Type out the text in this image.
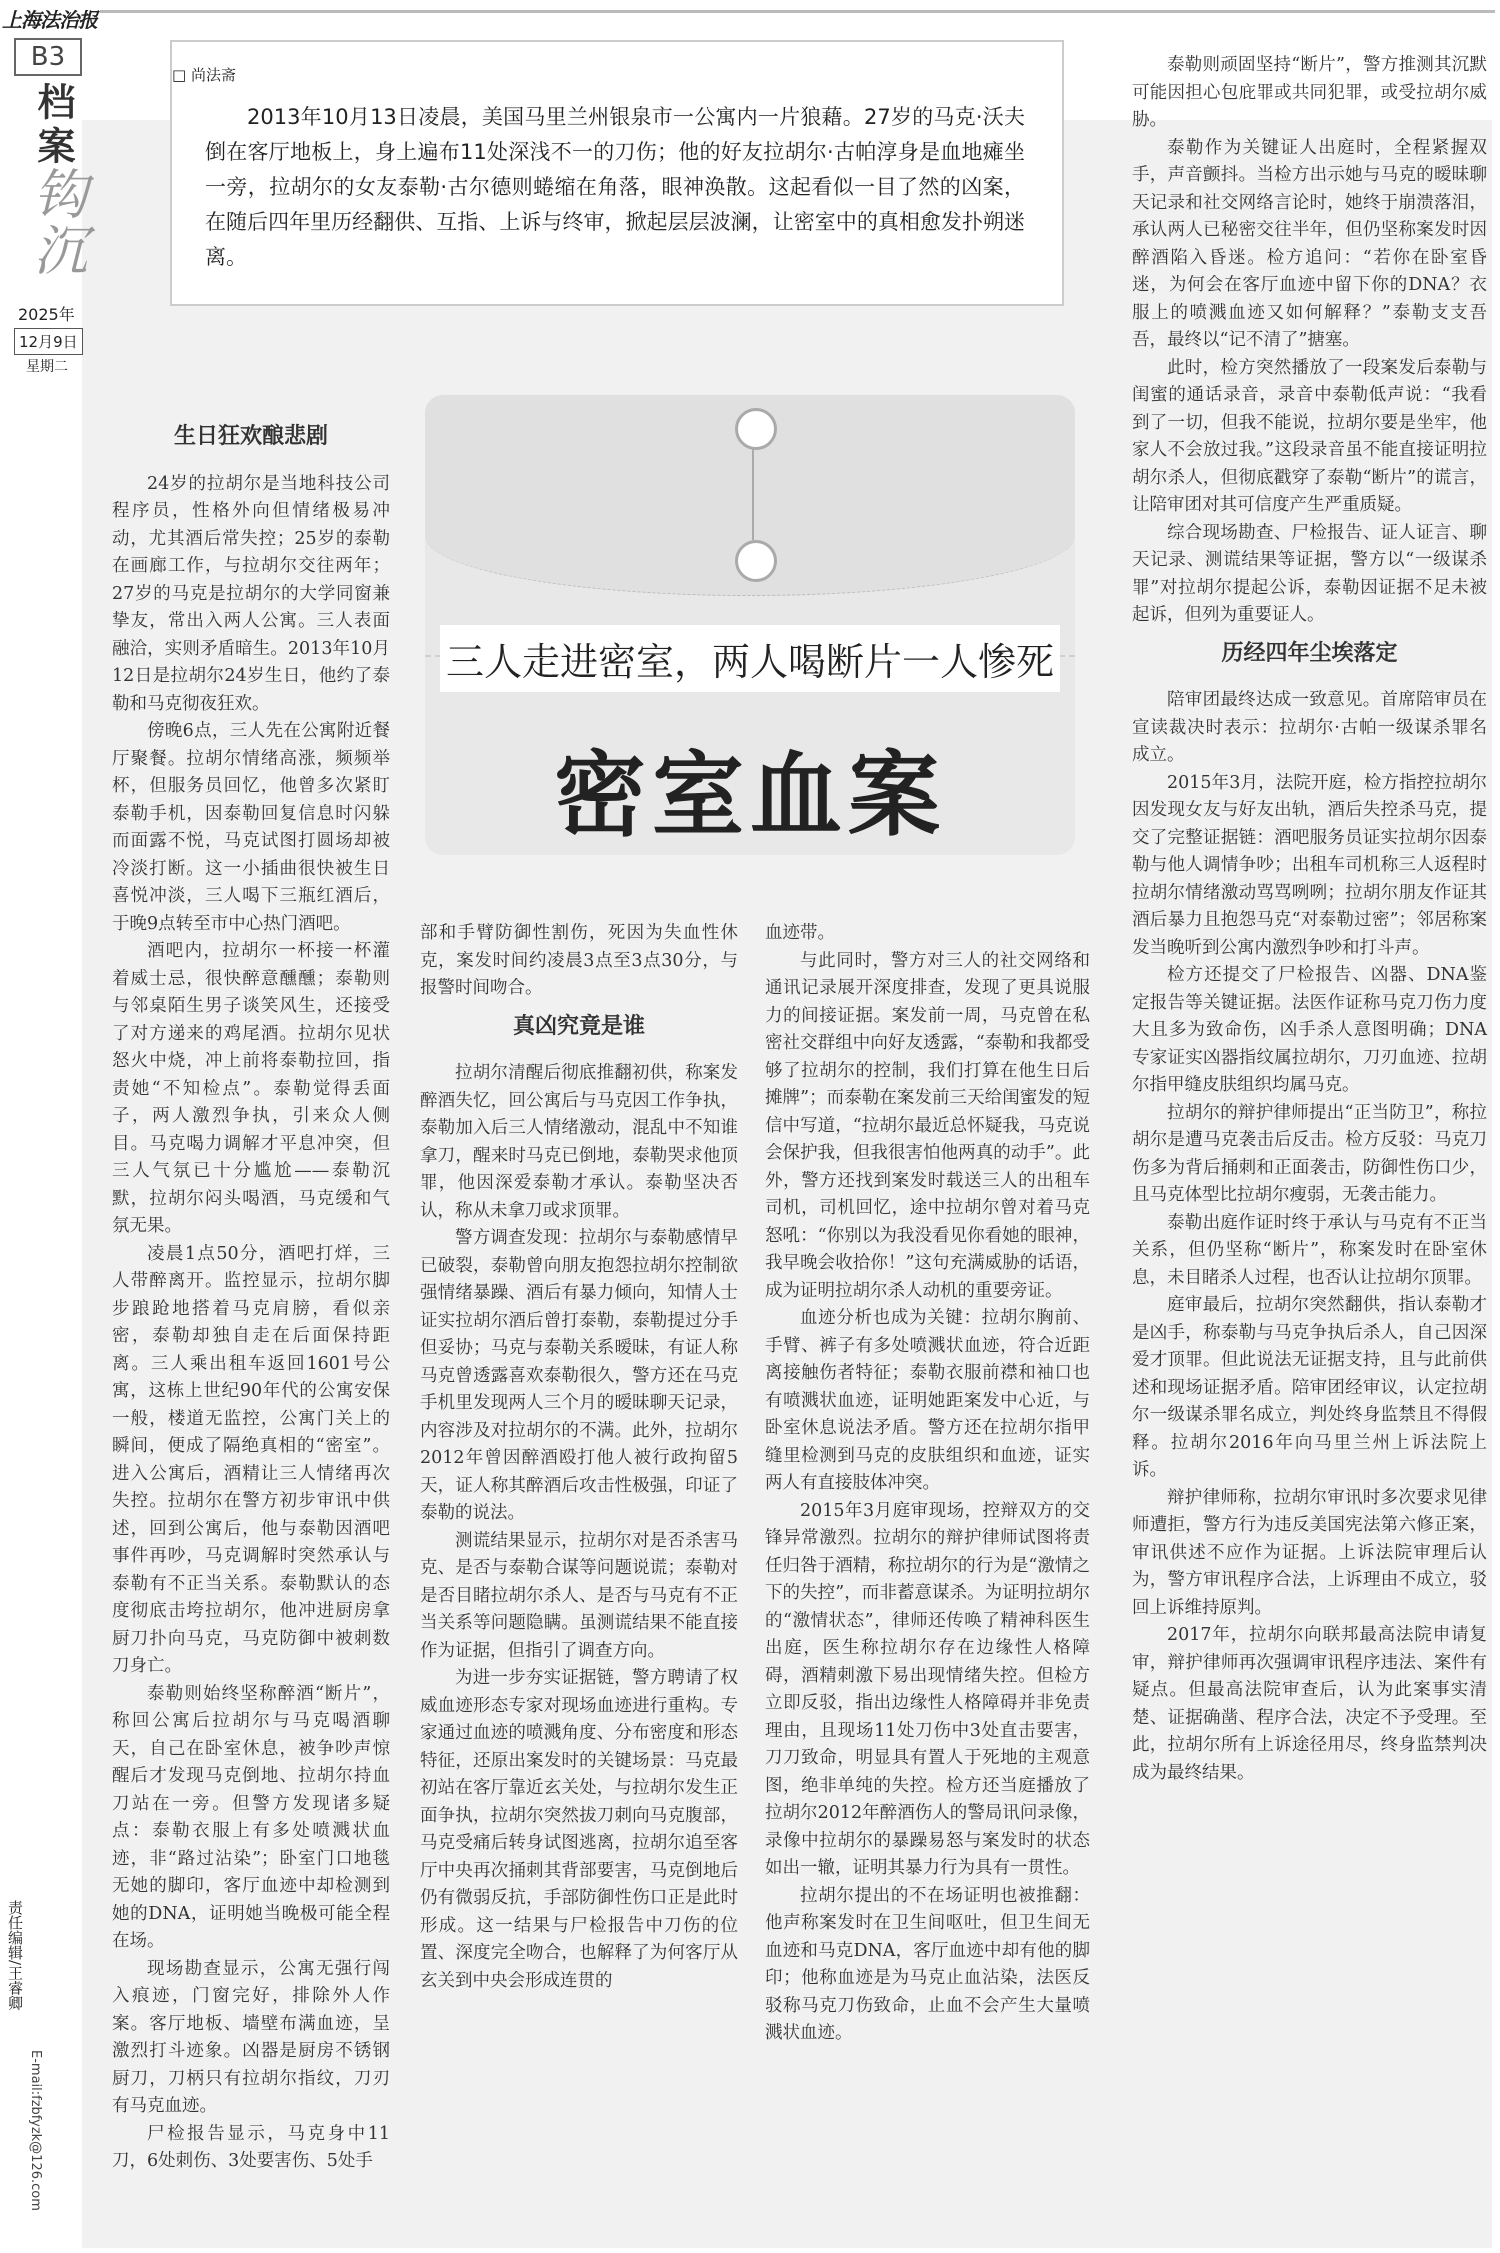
上海法治报
B3
档案
钩沉
2025年
12月9日
星期二
责任编辑/王睿卿
E-mail:fzbfyzk@126.com
□ 尚法斋
2013年10月13日凌晨，美国马里兰州银泉市一公寓内一片狼藉。27岁的马克·沃夫倒在客厅地板上，身上遍布11处深浅不一的刀伤；他的好友拉胡尔·古帕淳身是血地瘫坐一旁，拉胡尔的女友泰勒·古尔德则蜷缩在角落，眼神涣散。这起看似一目了然的凶案，在随后四年里历经翻供、互指、上诉与终审，掀起层层波澜，让密室中的真相愈发扑朔迷离。
三人走进密室，两人喝断片一人惨死
密室血案
生日狂欢酿悲剧

24岁的拉胡尔是当地科技公司程序员，性格外向但情绪极易冲动，尤其酒后常失控；25岁的泰勒在画廊工作，与拉胡尔交往两年；27岁的马克是拉胡尔的大学同窗兼挚友，常出入两人公寓。三人表面融洽，实则矛盾暗生。2013年10月12日是拉胡尔24岁生日，他约了泰勒和马克彻夜狂欢。

傍晚6点，三人先在公寓附近餐厅聚餐。拉胡尔情绪高涨，频频举杯，但服务员回忆，他曾多次紧盯泰勒手机，因泰勒回复信息时闪躲而面露不悦，马克试图打圆场却被冷淡打断。这一小插曲很快被生日喜悦冲淡，三人喝下三瓶红酒后，于晚9点转至市中心热门酒吧。

酒吧内，拉胡尔一杯接一杯灌着威士忌，很快醉意醺醺；泰勒则与邻桌陌生男子谈笑风生，还接受了对方递来的鸡尾酒。拉胡尔见状怒火中烧，冲上前将泰勒拉回，指责她“不知检点”。泰勒觉得丢面子，两人激烈争执，引来众人侧目。马克喝力调解才平息冲突，但三人气氛已十分尴尬——泰勒沉默，拉胡尔闷头喝酒，马克缓和气氛无果。

凌晨1点50分，酒吧打烊，三人带醉离开。监控显示，拉胡尔脚步踉跄地搭着马克肩膀，看似亲密，泰勒却独自走在后面保持距离。三人乘出租车返回1601号公寓，这栋上世纪90年代的公寓安保一般，楼道无监控，公寓门关上的瞬间，便成了隔绝真相的“密室”。进入公寓后，酒精让三人情绪再次失控。拉胡尔在警方初步审讯中供述，回到公寓后，他与泰勒因酒吧事件再吵，马克调解时突然承认与泰勒有不正当关系。泰勒默认的态度彻底击垮拉胡尔，他冲进厨房拿厨刀扑向马克，马克防御中被刺数刀身亡。

泰勒则始终坚称醉酒“断片”，称回公寓后拉胡尔与马克喝酒聊天，自己在卧室休息，被争吵声惊醒后才发现马克倒地、拉胡尔持血刀站在一旁。但警方发现诸多疑点：泰勒衣服上有多处喷溅状血迹，非“路过沾染”；卧室门口地毯无她的脚印，客厅血迹中却检测到她的DNA，证明她当晚极可能全程在场。

现场勘查显示，公寓无强行闯入痕迹，门窗完好，排除外人作案。客厅地板、墙壁布满血迹，呈激烈打斗迹象。凶器是厨房不锈钢厨刀，刀柄只有拉胡尔指纹，刀刃有马克血迹。

尸检报告显示，马克身中11刀，6处刺伤、3处要害伤、5处手

部和手臂防御性割伤，死因为失血性休克，案发时间约凌晨3点至3点30分，与报警时间吻合。

真凶究竟是谁

拉胡尔清醒后彻底推翻初供，称案发醉酒失忆，回公寓后与马克因工作争执，泰勒加入后三人情绪激动，混乱中不知谁拿刀，醒来时马克已倒地，泰勒哭求他顶罪，他因深爱泰勒才承认。泰勒坚决否认，称从未拿刀或求顶罪。

警方调查发现：拉胡尔与泰勒感情早已破裂，泰勒曾向朋友抱怨拉胡尔控制欲强情绪暴躁、酒后有暴力倾向，知情人士证实拉胡尔酒后曾打泰勒，泰勒提过分手但妥协；马克与泰勒关系暧昧，有证人称马克曾透露喜欢泰勒很久，警方还在马克手机里发现两人三个月的暧昧聊天记录，内容涉及对拉胡尔的不满。此外，拉胡尔2012年曾因醉酒殴打他人被行政拘留5天，证人称其醉酒后攻击性极强，印证了泰勒的说法。

测谎结果显示，拉胡尔对是否杀害马克、是否与泰勒合谋等问题说谎；泰勒对是否目睹拉胡尔杀人、是否与马克有不正当关系等问题隐瞒。虽测谎结果不能直接作为证据，但指引了调查方向。

为进一步夯实证据链，警方聘请了权威血迹形态专家对现场血迹进行重构。专家通过血迹的喷溅角度、分布密度和形态特征，还原出案发时的关键场景：马克最初站在客厅靠近玄关处，与拉胡尔发生正面争执，拉胡尔突然拔刀刺向马克腹部，马克受痛后转身试图逃离，拉胡尔追至客厅中央再次捅刺其背部要害，马克倒地后仍有微弱反抗，手部防御性伤口正是此时形成。这一结果与尸检报告中刀伤的位置、深度完全吻合，也解释了为何客厅从玄关到中央会形成连贯的

血迹带。

与此同时，警方对三人的社交网络和通讯记录展开深度排查，发现了更具说服力的间接证据。案发前一周，马克曾在私密社交群组中向好友透露，“泰勒和我都受够了拉胡尔的控制，我们打算在他生日后摊牌”；而泰勒在案发前三天给闺蜜发的短信中写道，“拉胡尔最近总怀疑我，马克说会保护我，但我很害怕他两真的动手”。此外，警方还找到案发时载送三人的出租车司机，司机回忆，途中拉胡尔曾对着马克怒吼：“你别以为我没看见你看她的眼神，我早晚会收拾你！”这句充满威胁的话语，成为证明拉胡尔杀人动机的重要旁证。

血迹分析也成为关键：拉胡尔胸前、手臂、裤子有多处喷溅状血迹，符合近距离接触伤者特征；泰勒衣服前襟和袖口也有喷溅状血迹，证明她距案发中心近，与卧室休息说法矛盾。警方还在拉胡尔指甲缝里检测到马克的皮肤组织和血迹，证实两人有直接肢体冲突。

2015年3月庭审现场，控辩双方的交锋异常激烈。拉胡尔的辩护律师试图将责任归咎于酒精，称拉胡尔的行为是“激情之下的失控”，而非蓄意谋杀。为证明拉胡尔的“激情状态”，律师还传唤了精神科医生出庭，医生称拉胡尔存在边缘性人格障碍，酒精刺激下易出现情绪失控。但检方立即反驳，指出边缘性人格障碍并非免责理由，且现场11处刀伤中3处直击要害，刀刀致命，明显具有置人于死地的主观意图，绝非单纯的失控。检方还当庭播放了拉胡尔2012年醉酒伤人的警局讯问录像，录像中拉胡尔的暴躁易怒与案发时的状态如出一辙，证明其暴力行为具有一贯性。

拉胡尔提出的不在场证明也被推翻：他声称案发时在卫生间呕吐，但卫生间无血迹和马克DNA，客厅血迹中却有他的脚印；他称血迹是为马克止血沾染，法医反驳称马克刀伤致命，止血不会产生大量喷溅状血迹。

泰勒则顽固坚持“断片”，警方推测其沉默可能因担心包庇罪或共同犯罪，或受拉胡尔威胁。

泰勒作为关键证人出庭时，全程紧握双手，声音颤抖。当检方出示她与马克的暧昧聊天记录和社交网络言论时，她终于崩溃落泪，承认两人已秘密交往半年，但仍坚称案发时因醉酒陷入昏迷。检方追问：“若你在卧室昏迷，为何会在客厅血迹中留下你的DNA？衣服上的喷溅血迹又如何解释？”泰勒支支吾吾，最终以“记不清了”搪塞。

此时，检方突然播放了一段案发后泰勒与闺蜜的通话录音，录音中泰勒低声说：“我看到了一切，但我不能说，拉胡尔要是坐牢，他家人不会放过我。”这段录音虽不能直接证明拉胡尔杀人，但彻底戳穿了泰勒“断片”的谎言，让陪审团对其可信度产生严重质疑。

综合现场勘查、尸检报告、证人证言、聊天记录、测谎结果等证据，警方以“一级谋杀罪”对拉胡尔提起公诉，泰勒因证据不足未被起诉，但列为重要证人。

历经四年尘埃落定

陪审团最终达成一致意见。首席陪审员在宣读裁决时表示：拉胡尔·古帕一级谋杀罪名成立。

2015年3月，法院开庭，检方指控拉胡尔因发现女友与好友出轨，酒后失控杀马克，提交了完整证据链：酒吧服务员证实拉胡尔因泰勒与他人调情争吵；出租车司机称三人返程时拉胡尔情绪激动骂骂咧咧；拉胡尔朋友作证其酒后暴力且抱怨马克“对泰勒过密”；邻居称案发当晚听到公寓内激烈争吵和打斗声。

检方还提交了尸检报告、凶器、DNA鉴定报告等关键证据。法医作证称马克刀伤力度大且多为致命伤，凶手杀人意图明确；DNA专家证实凶器指纹属拉胡尔，刀刃血迹、拉胡尔指甲缝皮肤组织均属马克。

拉胡尔的辩护律师提出“正当防卫”，称拉胡尔是遭马克袭击后反击。检方反驳：马克刀伤多为背后捅刺和正面袭击，防御性伤口少，且马克体型比拉胡尔瘦弱，无袭击能力。

泰勒出庭作证时终于承认与马克有不正当关系，但仍坚称“断片”，称案发时在卧室休息，未目睹杀人过程，也否认让拉胡尔顶罪。

庭审最后，拉胡尔突然翻供，指认泰勒才是凶手，称泰勒与马克争执后杀人，自己因深爱才顶罪。但此说法无证据支持，且与此前供述和现场证据矛盾。陪审团经审议，认定拉胡尔一级谋杀罪名成立，判处终身监禁且不得假释。拉胡尔2016年向马里兰州上诉法院上诉。

辩护律师称，拉胡尔审讯时多次要求见律师遭拒，警方行为违反美国宪法第六修正案，审讯供述不应作为证据。上诉法院审理后认为，警方审讯程序合法，上诉理由不成立，驳回上诉维持原判。

2017年，拉胡尔向联邦最高法院申请复审，辩护律师再次强调审讯程序违法、案件有疑点。但最高法院审查后，认为此案事实清楚、证据确凿、程序合法，决定不予受理。至此，拉胡尔所有上诉途径用尽，终身监禁判决成为最终结果。
